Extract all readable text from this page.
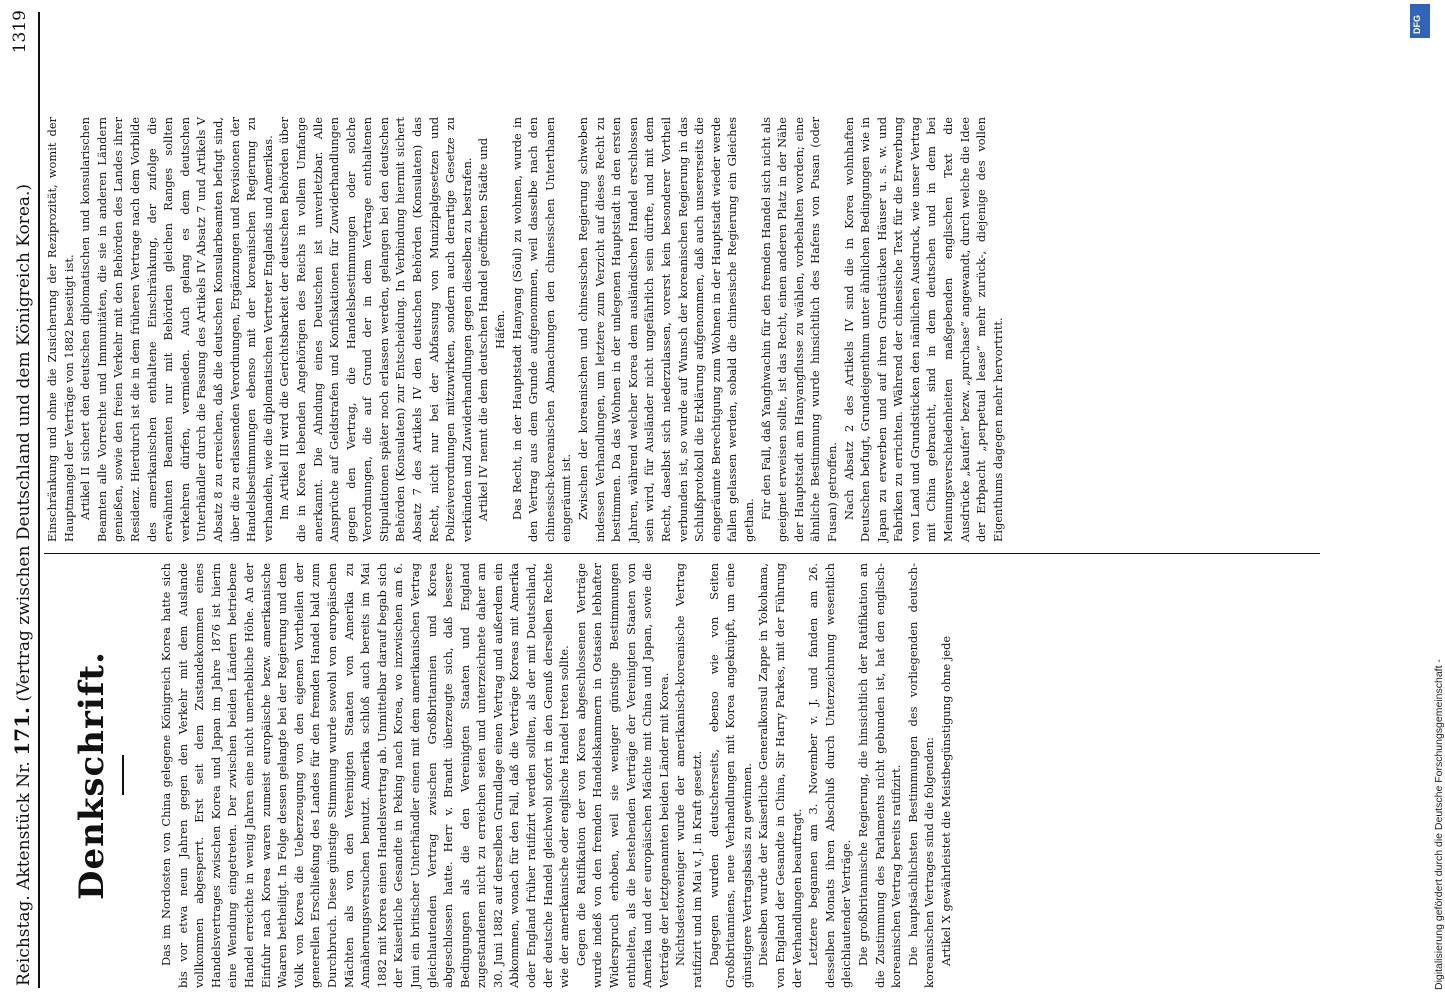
Reichstag. Aktenstück Nr. 171. (Vertrag zwischen Deutschland und dem Königreich Korea.)
1319
Denkschrift.	Das im Nordosten von China gelegene Königreich Korea hatte sich bis vor etwa neun Jahren gegen den Verkehr mit dem Auslande vollkommen abgesperrt. Erst seit dem Zustandekommen eines Handelsvertrages zwischen Korea und Japan im Jahre 1876 ist hierin eine Wendung eingetreten. Der zwischen beiden Ländern betriebene Handel erreichte in wenig Jahren eine nicht unerhebliche Höhe. An der Einfuhr nach Korea waren zumeist europäische bezw. amerikanische Waaren betheiligt. In Folge dessen gelangte bei der Regierung und dem Volk von Korea die Ueberzeugung von den eigenen Vortheilen der generellen Erschließung des Landes für den fremden Handel bald zum Durchbruch. Diese günstige Stimmung wurde sowohl von europäischen Mächten als von den Vereinigten Staaten von Amerika zu Annäherungsversuchen benutzt. Amerika schloß auch bereits im Mai 1882 mit Korea einen Handelsvertrag ab. Unmittelbar darauf begab sich der Kaiserliche Gesandte in Peking nach Korea, wo inzwischen am 6. Juni ein britischer Unterhändler einen mit dem amerikanischen Vertrag gleichlautenden Vertrag zwischen Großbritannien und Korea abgeschlossen hatte. Herr v. Brandt überzeugte sich, daß bessere Bedingungen als die den Vereinigten Staaten und England zugestandenen nicht zu erreichen seien und unterzeichnete daher am 30. Juni 1882 auf derselben Grundlage einen Vertrag und außerdem ein Abkommen, wonach für den Fall, daß die Verträge Koreas mit Amerika oder England früher ratifizirt werden sollten, als der mit Deutschland, der deutsche Handel gleichwohl sofort in den Genuß derselben Rechte wie der amerikanische oder englische Handel treten sollte. Gegen die Ratifikation der von Korea abgeschlossenen Verträge wurde indeß von den fremden Handelskammern in Ostasien lebhafter Widerspruch erhoben, weil sie weniger günstige Bestimmungen enthielten, als die bestehenden Verträge der Vereinigten Staaten von Amerika und der europäischen Mächte mit China und Japan, sowie die Verträge der letztgenannten beiden Länder mit Korea. Nichtsdestoweniger wurde der amerikanisch-koreanische Vertrag ratifizirt und im Mai v. J. in Kraft gesetzt. Dagegen wurden deutscherseits, ebenso wie von Seiten Großbritanniens, neue Verhandlungen mit Korea angeknüpft, um eine günstigere Vertragsbasis zu gewinnen. Dieselben wurde der Kaiserliche Generalkonsul Zappe in Yokohama, von England der Gesandte in China, Sir Harry Parkes, mit der Führung der Verhandlungen beauftragt. Letztere begannen am 3. November v. J. und fanden am 26. desselben Monats ihren Abschluß durch Unterzeichnung wesentlich gleichlautender Verträge. Die großbritannische Regierung, die hinsichtlich der Ratifikation an die Zustimmung des Parlaments nicht gebunden ist, hat den englisch-koreanischen Vertrag bereits ratifizirt. Die hauptsächlichsten Bestimmungen des vorliegenden deutsch-koreanischen Vertrages sind die folgenden: Artikel X gewährleistet die Meistbegünstigung ohne jede

Einschränkung und ohne die Zusicherung der Reziprozität, womit der Hauptmangel der Verträge von 1882 beseitigt ist. Artikel II sichert den deutschen diplomatischen und konsularischen Beamten alle Vorrechte und Immunitäten, die sie in anderen Ländern genießen, sowie den freien Verkehr mit den Behörden des Landes ihrer Residenz. Hierdurch ist die in dem früheren Vertrage nach dem Vorbilde des amerikanischen enthaltene Einschränkung, der zufolge die erwähnten Beamten nur mit Behörden gleichen Ranges sollten verkehren dürfen, vermieden. Auch gelang es dem deutschen Unterhändler durch die Fassung des Artikels IV Absatz 7 und Artikels V Absatz 8 zu erreichen, daß die deutschen Konsularbeamten befugt sind, über die zu erlassenden Verordnungen, Ergänzungen und Revisionen der Handelsbestimmungen ebenso mit der koreanischen Regierung zu verhandeln, wie die diplomatischen Vertreter Englands und Amerikas. Im Artikel III wird die Gerichtsbarkeit der deutschen Behörden über die in Korea lebenden Angehörigen des Reichs in vollem Umfange anerkannt. Die Ahndung eines Deutschen ist unverletzbar. Alle Ansprüche auf Geldstrafen und Konfiskationen für Zuwiderhandlungen gegen den Vertrag, die Handelsbestimmungen oder solche Verordnungen, die auf Grund der in dem Vertrage enthaltenen Stipulationen später noch erlassen werden, gelangen bei den deutschen Behörden (Konsulaten) zur Entscheidung. In Verbindung hiermit sichert Absatz 7 des Artikels IV den deutschen Behörden (Konsulaten) das Recht, nicht nur bei der Abfassung von Munizipalgesetzen und Polizeiverordnungen mitzuwirken, sondern auch derartige Gesetze zu verkünden und Zuwiderhandlungen gegen dieselben zu bestrafen. Artikel IV nennt die dem deutschen Handel geöffneten Städte und Häfen. Das Recht, in der Hauptstadt Hanyang (Söul) zu wohnen, wurde in den Vertrag aus dem Grunde aufgenommen, weil dasselbe nach den chinesisch-koreanischen Abmachungen den chinesischen Unterthanen eingeräumt ist. Zwischen der koreanischen und chinesischen Regierung schweben indessen Verhandlungen, um letztere zum Verzicht auf dieses Recht zu bestimmen. Da das Wohnen in der unlegenen Hauptstadt in den ersten Jahren, während welcher Korea dem ausländischen Handel erschlossen sein wird, für Ausländer nicht ungefährlich sein dürfte, und mit dem Recht, daselbst sich niederzulassen, vorerst kein besonderer Vortheil verbunden ist, so wurde auf Wunsch der koreanischen Regierung in das Schlußprotokoll die Erklärung aufgenommen, daß auch unsererseits die eingeräumte Berechtigung zum Wohnen in der Hauptstadt wieder werde fallen gelassen werden, sobald die chinesische Regierung ein Gleiches gethan.

Für den Fall, daß Yanghwachin für den fremden Handel sich nicht als geeignet erweisen sollte, ist das Recht, einen anderen Platz in der Nähe der Hauptstadt am Hanyangflusse zu wählen, vorbehalten worden; eine ähnliche Bestimmung wurde hinsichtlich des Hafens von Pusan (oder Fusan) getroffen. Nach Absatz 2 des Artikels IV sind die in Korea wohnhaften Deutschen befugt, Grundeigenthum unter ähnlichen Bedingungen wie in Japan zu erwerben und auf ihren Grundstücken Häuser u. s. w. und Fabriken zu errichten. Während der chinesische Text für die Erwerbung von Land und Grundstücken den nämlichen Ausdruck, wie unser Vertrag mit China gebraucht, sind in dem deutschen und in dem bei Meinungsverschiedenheiten maßgebenden englischen Text die Ausdrücke „kaufen“ bezw. „purchase“ angewandt, durch welche die Idee der Erbpacht „perpetual lease“ mehr zurück-, diejenige des vollen Eigenthums dagegen mehr hervortritt.

DFG
Digitalisierung gefördert durch die Deutsche Forschungsgemeinschaft -
